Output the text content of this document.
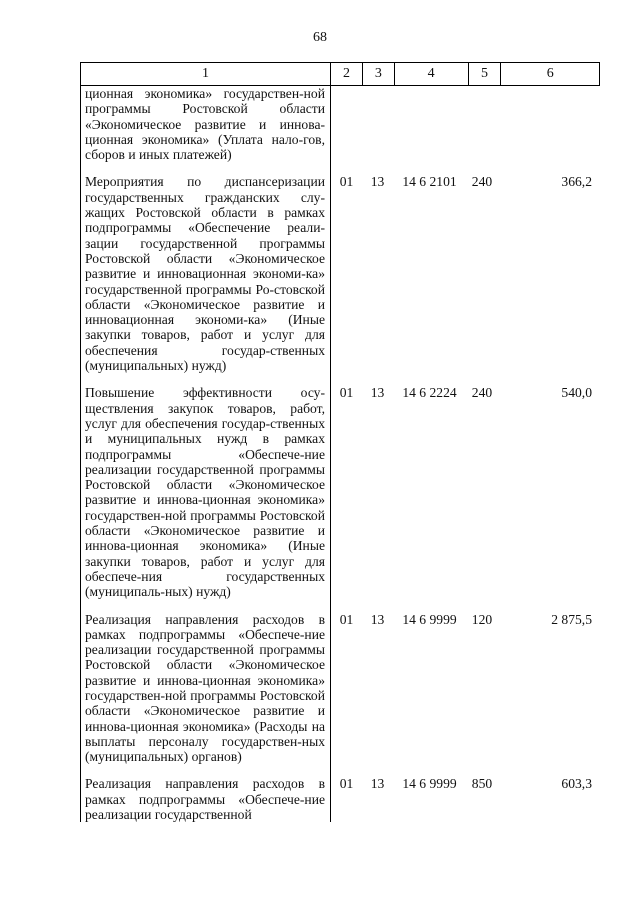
68
1	2	3	4	5	6
ционная экономика» государствен-ной программы Ростовской области «Экономическое развитие и иннова-ционная экономика» (Уплата нало-гов, сборов и иных платежей)
Мероприятия по диспансеризации государственных гражданских слу-жащих Ростовской области в рамках подпрограммы «Обеспечение реали-зации государственной программы Ростовской области «Экономическое развитие и инновационная экономи-ка» государственной программы Ро-стовской области «Экономическое развитие и инновационная экономи-ка» (Иные закупки товаров, работ и услуг для обеспечения государ-ственных (муниципальных) нужд)
01	13	14 6 2101	240	366,2
Повышение эффективности осу-ществления закупок товаров, работ, услуг для обеспечения государ-ственных и муниципальных нужд в рамках подпрограммы «Обеспече-ние реализации государственной программы Ростовской области «Экономическое развитие и иннова-ционная экономика» государствен-ной программы Ростовской области «Экономическое развитие и иннова-ционная экономика» (Иные закупки товаров, работ и услуг для обеспече-ния государственных (муниципаль-ных) нужд)
01	13	14 6 2224	240	540,0
Реализация направления расходов в рамках подпрограммы «Обеспече-ние реализации государственной программы Ростовской области «Экономическое развитие и иннова-ционная экономика» государствен-ной программы Ростовской области «Экономическое развитие и иннова-ционная экономика» (Расходы на выплаты персоналу государствен-ных (муниципальных) органов)
01	13	14 6 9999	120	2 875,5
Реализация направления расходов в рамках подпрограммы «Обеспече-ние реализации государственной
01	13	14 6 9999	850	603,3
